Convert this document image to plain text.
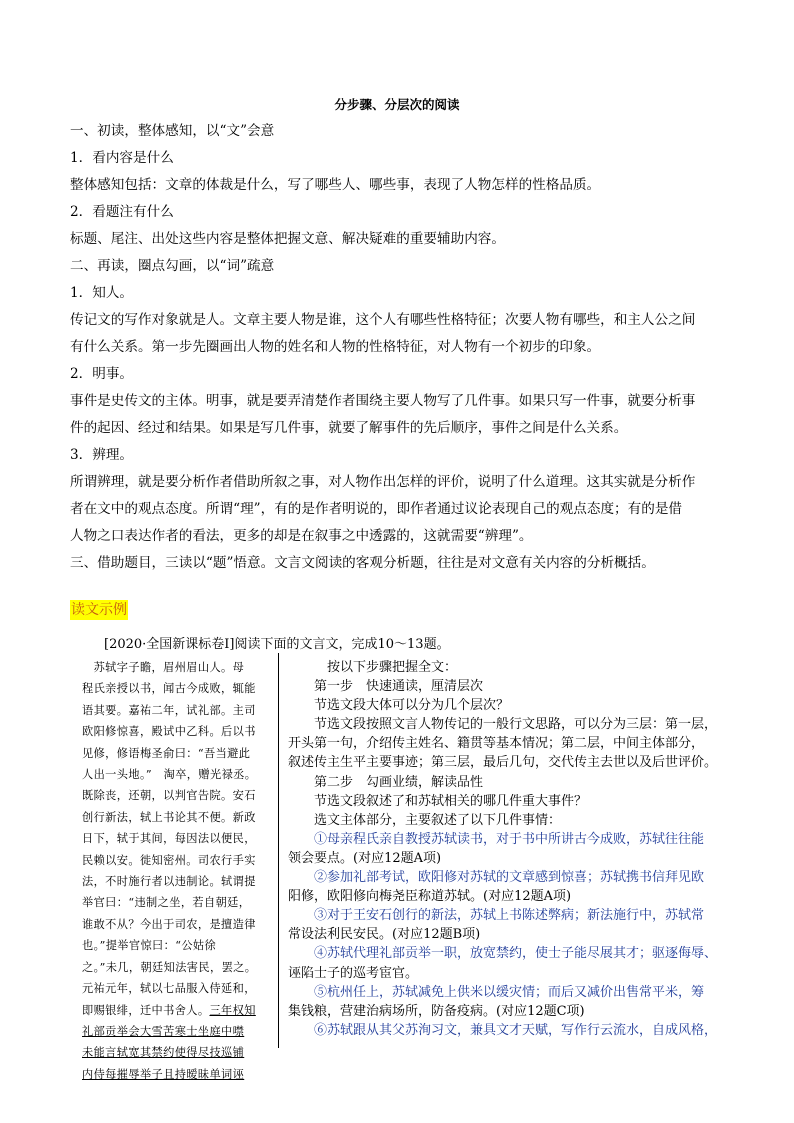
分步骤、分层次的阅读

一、初读，整体感知，以“文”会意

1．看内容是什么

整体感知包括：文章的体裁是什么，写了哪些人、哪些事，表现了人物怎样的性格品质。

2．看题注有什么

标题、尾注、出处这些内容是整体把握文意、解决疑难的重要辅助内容。

二、再读，圈点勾画，以“词”疏意

1．知人。

传记文的写作对象就是人。文章主要人物是谁，这个人有哪些性格特征；次要人物有哪些，和主人公之间

有什么关系。第一步先圈画出人物的姓名和人物的性格特征，对人物有一个初步的印象。

2．明事。

事件是史传文的主体。明事，就是要弄清楚作者围绕主要人物写了几件事。如果只写一件事，就要分析事

件的起因、经过和结果。如果是写几件事，就要了解事件的先后顺序，事件之间是什么关系。

3．辨理。

所谓辨理，就是要分析作者借助所叙之事，对人物作出怎样的评价，说明了什么道理。这其实就是分析作

者在文中的观点态度。所谓“理”，有的是作者明说的，即作者通过议论表现自己的观点态度；有的是借

人物之口表达作者的看法，更多的却是在叙事之中透露的，这就需要“辨理”。

三、借助题目，三读以“题”悟意。文言文阅读的客观分析题，往往是对文意有关内容的分析概括。

读文示例
[2020·全国新课标卷Ⅰ]阅读下面的文言文，完成10～13题。

　苏轼字子瞻，眉州眉山人。母

程氏亲授以书，闻古今成败，辄能

语其要。嘉祐二年，试礼部。主司

欧阳修惊喜，殿试中乙科。后以书

见修，修语梅圣俞曰：“吾当避此

人出一头地。”　淘卒，赠光禄丞。

既除丧，还朝，以判官告院。安石

创行新法，轼上书论其不便。新政

日下，轼于其间，每因法以便民，

民赖以安。徙知密州。司农行手实

法，不时施行者以违制论。轼谓提

举官曰：“违制之坐，若自朝廷，

谁敢不从？今出于司农，是擅造律

也。”提举官惊曰：“公姑徐

之。”未几，朝廷知法害民，罢之。

元祐元年，轼以七品服入侍延和，

即赐银绯，迁中书舍人。三年权知

礼部贡举会大雪苦寒士坐庭中噤

未能言轼宽其禁约使得尽技巡铺

内侍每摧辱举子且持暧昧单词诬

　　　按以下步骤把握全文：

　　第一步　快速通读，厘清层次

　　节选文段大体可以分为几个层次？

　　节选文段按照文言人物传记的一般行文思路，可以分为三层：第一层，

开头第一句，介绍传主姓名、籍贯等基本情况；第二层，中间主体部分，

叙述传主生平主要事迹；第三层，最后几句，交代传主去世以及后世评价。

　　第二步　勾画业绩，解读品性

　　节选文段叙述了和苏轼相关的哪几件重大事件？

　　选文主体部分，主要叙述了以下几件事情：

　　①母亲程氏亲自教授苏轼读书，对于书中所讲古今成败，苏轼往往能

领会要点。(对应12题A项)

　　②参加礼部考试，欧阳修对苏轼的文章感到惊喜；苏轼携书信拜见欧

阳修，欧阳修向梅尧臣称道苏轼。(对应12题A项)

　　③对于王安石创行的新法，苏轼上书陈述弊病；新法施行中，苏轼常

常设法利民安民。(对应12题B项)

　　④苏轼代理礼部贡举一职，放宽禁约，使士子能尽展其才；驱逐侮辱、

诬陷士子的巡考宦官。

　　⑤杭州任上，苏轼减免上供米以缓灾情；而后又减价出售常平米，筹

集钱粮，营建治病场所，防备疫病。(对应12题C项)

　　⑥苏轼跟从其父苏洵习文，兼具文才天赋，写作行云流水，自成风格，
